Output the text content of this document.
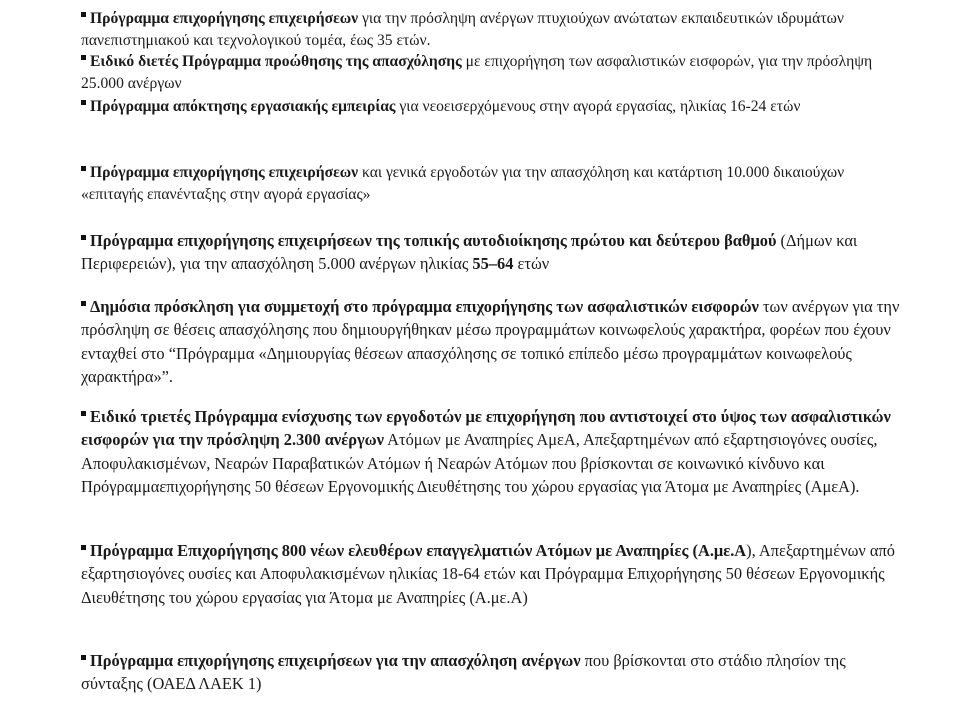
Πρόγραμμα επιχορήγησης επιχειρήσεων για την πρόσληψη ανέργων πτυχιούχων ανώτατων εκπαιδευτικών ιδρυμάτων πανεπιστημιακού και τεχνολογικού τομέα, έως 35 ετών.

Ειδικό διετές Πρόγραμμα προώθησης της απασχόλησης με επιχορήγηση των ασφαλιστικών εισφορών, για την πρόσληψη 25.000 ανέργων

Πρόγραμμα απόκτησης εργασιακής εμπειρίας για νεοεισερχόμενους στην αγορά εργασίας, ηλικίας 16-24 ετών

Πρόγραμμα επιχορήγησης επιχειρήσεων και γενικά εργοδοτών για την απασχόληση και κατάρτιση 10.000 δικαιούχων «επιταγής επανένταξης στην αγορά εργασίας»

Πρόγραμμα επιχορήγησης επιχειρήσεων της τοπικής αυτοδιοίκησης πρώτου και δεύτερου βαθμού (Δήμων και Περιφερειών), για την απασχόληση 5.000 ανέργων ηλικίας 55–64 ετών

Δημόσια πρόσκληση για συμμετοχή στο πρόγραμμα επιχορήγησης των ασφαλιστικών εισφορών των ανέργων για την πρόσληψη σε θέσεις απασχόλησης που δημιουργήθηκαν μέσω προγραμμάτων κοινωφελούς χαρακτήρα, φορέων που έχουν ενταχθεί στο “Πρόγραμμα «Δημιουργίας θέσεων απασχόλησης σε τοπικό επίπεδο μέσω προγραμμάτων κοινωφελούς χαρακτήρα»”.

Ειδικό τριετές Πρόγραμμα ενίσχυσης των εργοδοτών με επιχορήγηση που αντιστοιχεί στο ύψος των ασφαλιστικών εισφορών για την πρόσληψη 2.300 ανέργων Ατόμων με Αναπηρίες ΑμεΑ, Απεξαρτημένων από εξαρτησιογόνες ουσίες, Αποφυλακισμένων, Νεαρών Παραβατικών Ατόμων ή Νεαρών Ατόμων που βρίσκονται σε κοινωνικό κίνδυνο και Πρόγραμμαεπιχορήγησης 50 θέσεων Εργονομικής Διευθέτησης του χώρου εργασίας για Άτομα με Αναπηρίες (ΑμεΑ).

Πρόγραμμα Επιχορήγησης 800 νέων ελευθέρων επαγγελματιών Ατόμων με Αναπηρίες (Α.με.Α), Απεξαρτημένων από εξαρτησιογόνες ουσίες και Αποφυλακισμένων ηλικίας 18-64 ετών και Πρόγραμμα Επιχορήγησης 50 θέσεων Εργονομικής Διευθέτησης του χώρου εργασίας για Άτομα με Αναπηρίες (Α.με.Α)

Πρόγραμμα επιχορήγησης επιχειρήσεων για την απασχόληση ανέργων που βρίσκονται στο στάδιο πλησίον της σύνταξης (ΟΑΕΔ ΛΑΕΚ 1)
